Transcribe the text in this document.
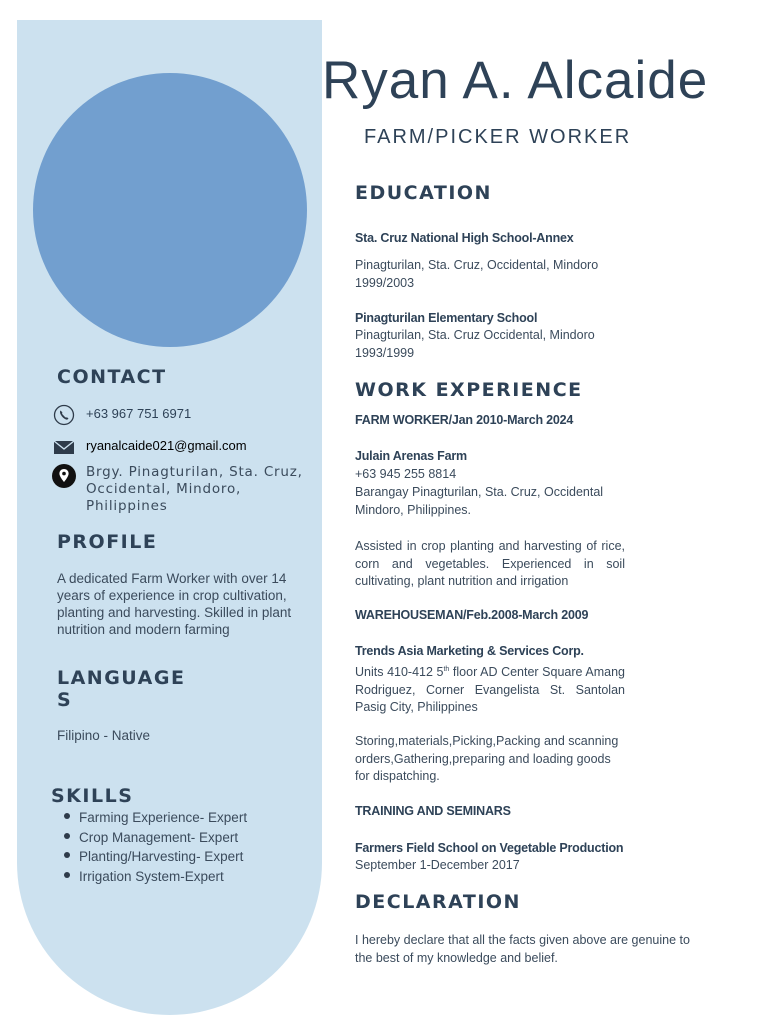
CONTACT
+63 967 751 6971
ryanalcaide021@gmail.com
Brgy. Pinagturilan, Sta. Cruz, Occidental, Mindoro, Philippines
PROFILE
A dedicated Farm Worker with over 14 years of experience in crop cultivation, planting and harvesting. Skilled in plant nutrition and modern farming
LANGUAGE
S
Filipino - Native
SKILLS
Farming Experience- Expert
Crop Management- Expert
Planting/Harvesting- Expert
Irrigation System-Expert
Ryan A. Alcaide
FARM/PICKER WORKER
EDUCATION
Sta. Cruz National High School-Annex
Pinagturilan, Sta. Cruz, Occidental, Mindoro
1999/2003
Pinagturilan Elementary School
Pinagturilan, Sta. Cruz Occidental, Mindoro
1993/1999
WORK EXPERIENCE
FARM WORKER/Jan 2010-March 2024
Julain Arenas Farm
+63 945 255 8814
Barangay Pinagturilan, Sta. Cruz, Occidental Mindoro, Philippines.
Assisted in crop planting and harvesting of rice, corn and vegetables. Experienced in soil cultivating, plant nutrition and irrigation
WAREHOUSEMAN/Feb.2008-March 2009
Trends Asia Marketing & Services Corp.
Units 410-412 5th floor AD Center Square Amang Rodriguez, Corner Evangelista St. Santolan Pasig City, Philippines
Storing,materials,Picking,Packing and scanning orders,Gathering,preparing and loading goods for dispatching.
TRAINING AND SEMINARS
Farmers Field School on Vegetable Production
September 1-December 2017
DECLARATION
I hereby declare that all the facts given above are genuine to the best of my knowledge and belief.
